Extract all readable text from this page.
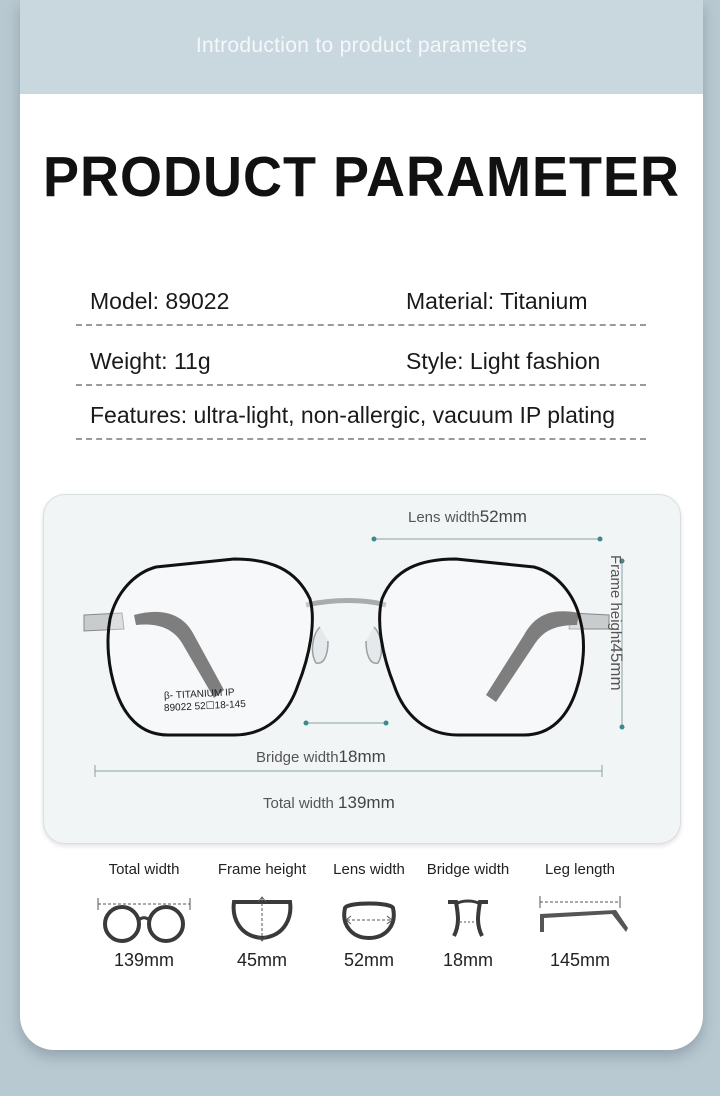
Introduction to product parameters
PRODUCT PARAMETER
Model: 89022	Material: Titanium
Weight: 11g	Style: Light fashion
Features: ultra-light, non-allergic, vacuum IP plating
Lens width52mm
Frame height45mm
Bridge width18mm
Total width 139mm
β- TITANIUM IP
89022 52☐18-145
Total width
139mm
Frame height
45mm
Lens width
52mm
Bridge width
18mm
Leg length
145mm
